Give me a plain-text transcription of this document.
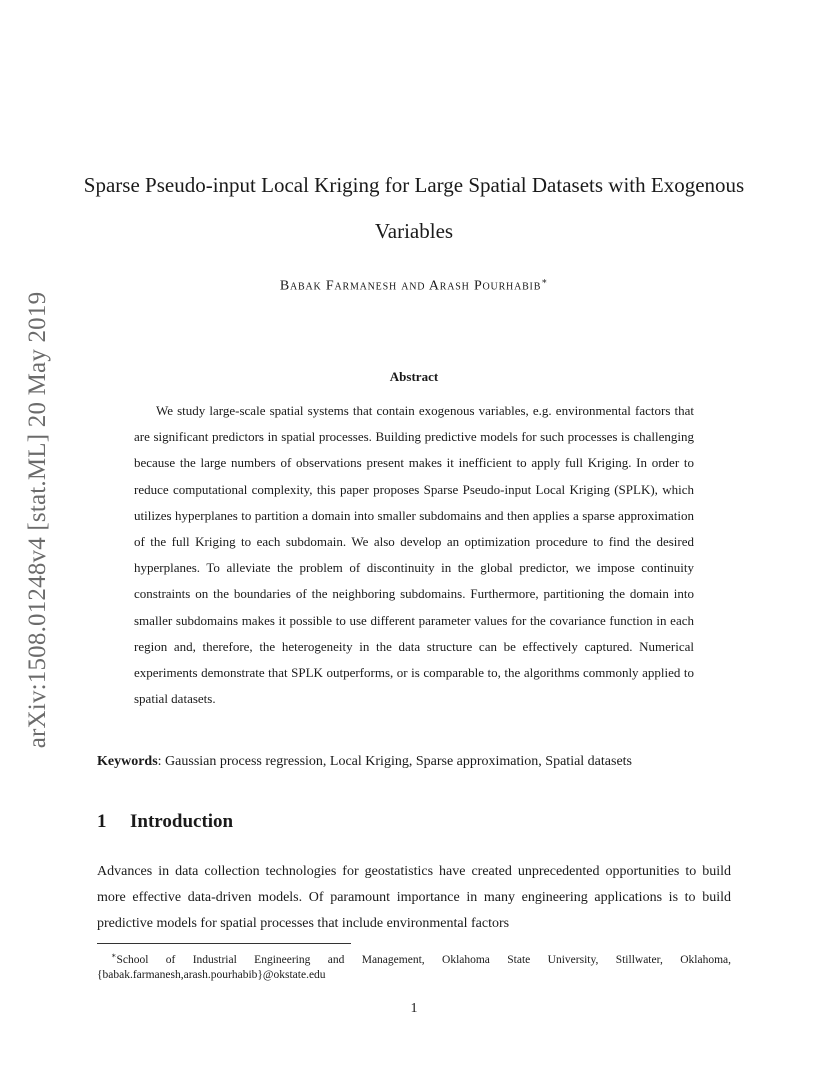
arXiv:1508.01248v4 [stat.ML] 20 May 2019
Sparse Pseudo-input Local Kriging for Large Spatial Datasets with Exogenous Variables
Babak Farmanesh and Arash Pourhabib∗
Abstract

We study large-scale spatial systems that contain exogenous variables, e.g. environmental factors that are significant predictors in spatial processes. Building predictive models for such processes is challenging because the large numbers of observations present makes it inefficient to apply full Kriging. In order to reduce computational complexity, this paper proposes Sparse Pseudo-input Local Kriging (SPLK), which utilizes hyperplanes to partition a domain into smaller subdomains and then applies a sparse approximation of the full Kriging to each subdomain. We also develop an optimization procedure to find the desired hyperplanes. To alleviate the problem of discontinuity in the global predictor, we impose continuity constraints on the boundaries of the neighboring subdomains. Furthermore, partitioning the domain into smaller subdomains makes it possible to use different parameter values for the covariance function in each region and, therefore, the heterogeneity in the data structure can be effectively captured. Numerical experiments demonstrate that SPLK outperforms, or is comparable to, the algorithms commonly applied to spatial datasets.

Keywords: Gaussian process regression, Local Kriging, Sparse approximation, Spatial datasets
1 Introduction

Advances in data collection technologies for geostatistics have created unprecedented opportunities to build more effective data-driven models. Of paramount importance in many engineering applications is to build predictive models for spatial processes that include environmental factors

∗School of Industrial Engineering and Management, Oklahoma State University, Stillwater, Oklahoma, {babak.farmanesh,arash.pourhabib}@okstate.edu

1
